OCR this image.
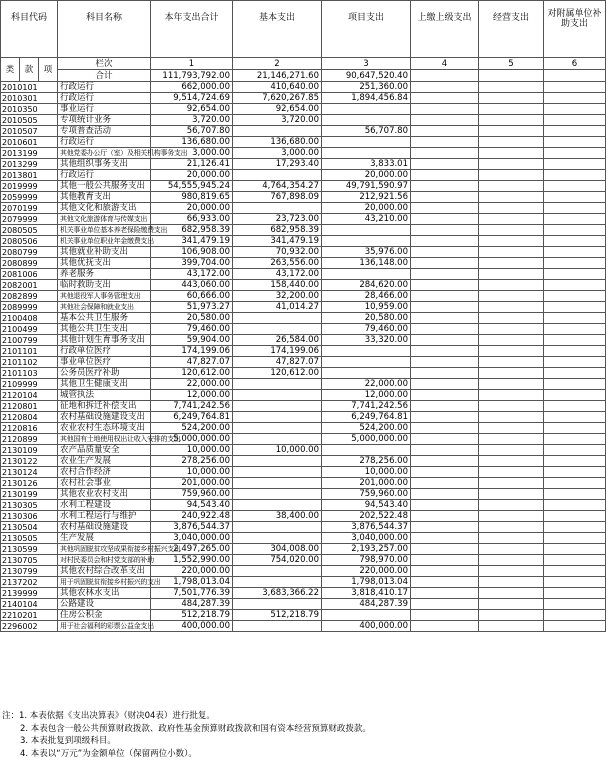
科目代码			科目名称	本年支出合计	基本支出	项目支出	上缴上级支出	经营支出	对附属单位补助支出
类	款	项	栏次	1	2	3	4	5	6
			合计	111,793,792.00	21,146,271.60	90,647,520.40			
2010101			行政运行	662,000.00	410,640.00	251,360.00			
2010301			行政运行	9,514,724.69	7,620,267.85	1,894,456.84			
2010350			事业运行	92,654.00	92,654.00				
2010505			专项统计业务	3,720.00	3,720.00				
2010507			专项普查活动	56,707.80		56,707.80			
2010601			行政运行	136,680.00	136,680.00				
2013199			其他党委办公厅（室）及相关机构事务支出	3,000.00	3,000.00				
2013299			其他组织事务支出	21,126.41	17,293.40	3,833.01			
2013801			行政运行	20,000.00		20,000.00			
2019999			其他一般公共服务支出	54,555,945.24	4,764,354.27	49,791,590.97			
2059999			其他教育支出	980,819.65	767,898.09	212,921.56			
2070199			其他文化和旅游支出	20,000.00		20,000.00			
2079999			其他文化旅游体育与传媒支出	66,933.00	23,723.00	43,210.00			
2080505			机关事业单位基本养老保险缴费支出	682,958.39	682,958.39				
2080506			机关事业单位职业年金缴费支出	341,479.19	341,479.19				
2080799			其他就业补助支出	106,908.00	70,932.00	35,976.00			
2080899			其他优抚支出	399,704.00	263,556.00	136,148.00			
2081006			养老服务	43,172.00	43,172.00				
2082001			临时救助支出	443,060.00	158,440.00	284,620.00			
2082899			其他退役军人事务管理支出	60,666.00	32,200.00	28,466.00			
2089999			其他社会保障和就业支出	51,973.27	41,014.27	10,959.00			
2100408			基本公共卫生服务	20,580.00		20,580.00			
2100499			其他公共卫生支出	79,460.00		79,460.00			
2100799			其他计划生育事务支出	59,904.00	26,584.00	33,320.00			
2101101			行政单位医疗	174,199.06	174,199.06				
2101102			事业单位医疗	47,827.07	47,827.07				
2101103			公务员医疗补助	120,612.00	120,612.00				
2109999			其他卫生健康支出	22,000.00		22,000.00			
2120104			城管执法	12,000.00		12,000.00			
2120801			征地和拆迁补偿支出	7,741,242.56		7,741,242.56			
2120804			农村基础设施建设支出	6,249,764.81		6,249,764.81			
2120816			农业农村生态环境支出	524,200.00		524,200.00			
2120899			其他国有土地使用权出让收入安排的支出	5,000,000.00		5,000,000.00			
2130109			农产品质量安全	10,000.00	10,000.00				
2130122			农业生产发展	278,256.00		278,256.00			
2130124			农村合作经济	10,000.00		10,000.00			
2130126			农村社会事业	201,000.00		201,000.00			
2130199			其他农业农村支出	759,960.00		759,960.00			
2130305			水利工程建设	94,543.40		94,543.40			
2130306			水利工程运行与维护	240,922.48	38,400.00	202,522.48			
2130504			农村基础设施建设	3,876,544.37		3,876,544.37			
2130505			生产发展	3,040,000.00		3,040,000.00			
2130599			其他巩固脱贫攻坚成果衔接乡村振兴支出	2,497,265.00	304,008.00	2,193,257.00			
2130705			对村民委员会和村党支部的补助	1,552,990.00	754,020.00	798,970.00			
2130799			其他农村综合改革支出	220,000.00		220,000.00			
2137202			用于巩固脱贫衔接乡村振兴的支出	1,798,013.04		1,798,013.04			
2139999			其他农林水支出	7,501,776.39	3,683,366.22	3,818,410.17			
2140104			公路建设	484,287.39		484,287.39			
2210201			住房公积金	512,218.79	512,218.79				
2296002			用于社会福利的彩票公益金支出	400,000.00		400,000.00			
注：1. 本表依据《支出决算表》（财决04表）进行批复。
2. 本表包含一般公共预算财政拨款、政府性基金预算财政拨款和国有资本经营预算财政拨款。
3. 本表批复到项级科目。
4. 本表以“万元”为金额单位（保留两位小数）。
